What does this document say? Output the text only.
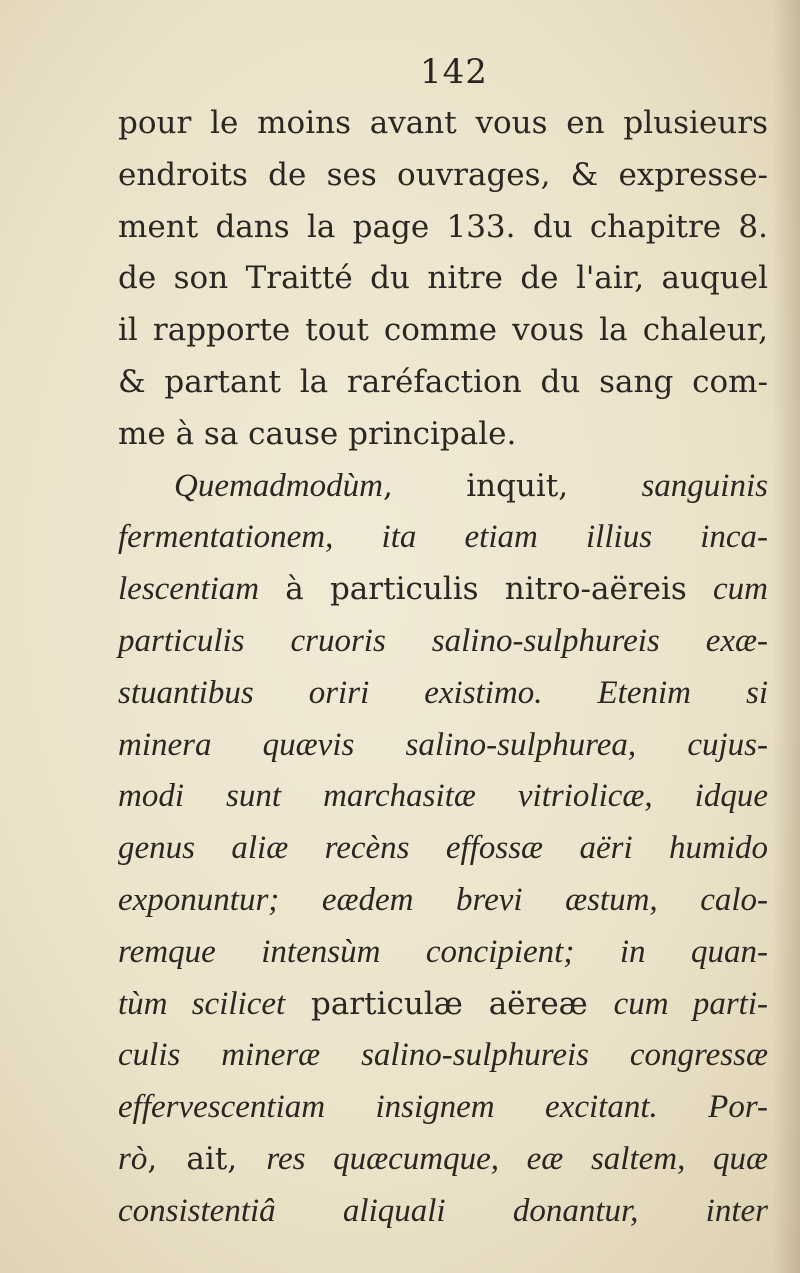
142
pour le moins avant vous en plusieurs
endroits de ses ouvrages, & expresse-
ment dans la page 133. du chapitre 8.
de son Traitté du nitre de l'air, auquel
il rapporte tout comme vous la chaleur,
& partant la raréfaction du sang com-
me à sa cause principale.
Quemadmodùm, inquit, sanguinis
fermentationem, ita etiam illius inca-
lescentiam à particulis nitro-aëreis cum
particulis cruoris salino-sulphureis exæ-
stuantibus oriri existimo. Etenim si
minera quævis salino-sulphurea, cujus-
modi sunt marchasitæ vitriolicæ, idque
genus aliæ recèns effossæ aëri humido
exponuntur; eædem brevi æstum, calo-
remque intensùm concipient; in quan-
tùm scilicet particulæ aëreæ cum parti-
culis mineræ salino-sulphureis congressæ
effervescentiam insignem excitant. Por-
rò, ait, res quæcumque, eæ saltem, quæ
consistentiâ aliquali donantur, inter
